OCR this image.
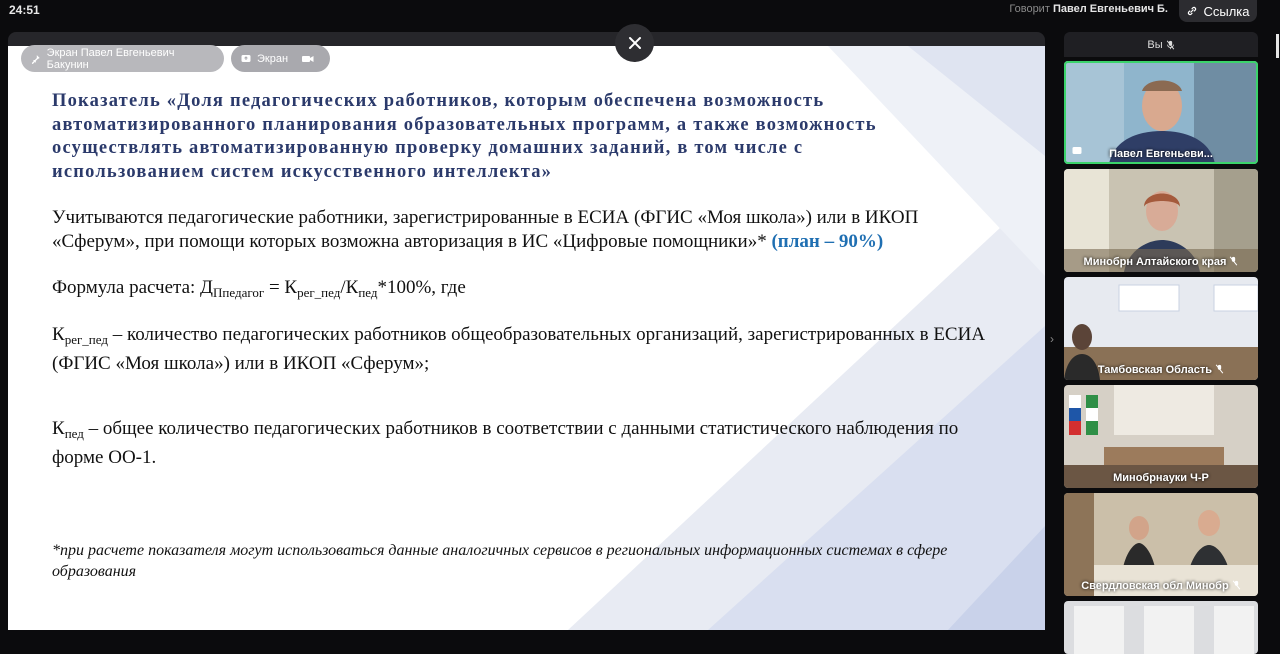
24:51	Говорит Павел Евгеньевич Б.	Ссылка
Показатель «Доля педагогических работников, которым обеспечена возможность автоматизированного планирования образовательных программ, а также возможность осуществлять автоматизированную проверку домашних заданий, в том числе с использованием систем искусственного интеллекта»
Учитываются педагогические работники, зарегистрированные в ЕСИА (ФГИС «Моя школа») или в ИКОП «Сферум», при помощи которых возможна авторизация в ИС «Цифровые помощники»* (план – 90%)
Формула расчета: $Д_{Ппедагог} = К_{рег\_пед}/К_{пед}*100\%$, где
$К_{рег\_пед}$ – количество педагогических работников общеобразовательных организаций, зарегистрированных в ЕСИА (ФГИС «Моя школа») или в ИКОП «Сферум»;
$К_{пед}$ – общее количество педагогических работников в соответствии с данными статистического наблюдения по форме ОО-1.
*при расчете показателя могут использоваться данные аналогичных сервисов в региональных информационных системах в сфере образования
Экран Павел Евгеньевич Бакунин	Экран
›
Вы
Павел Евгеньеви...
Минобрн Алтайского края
Тамбовская Область
Минобрнауки Ч-Р
Свердловская обл Минобр
